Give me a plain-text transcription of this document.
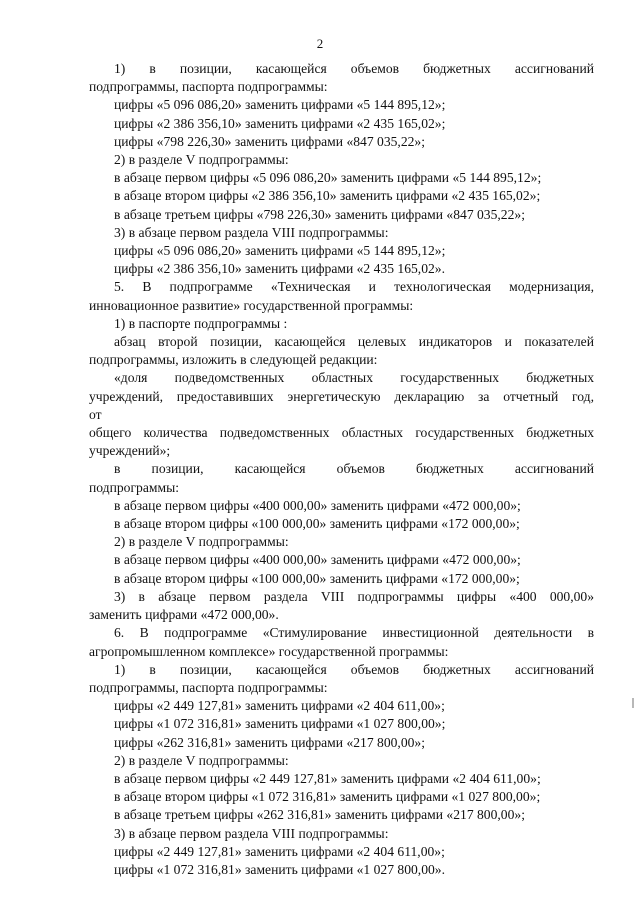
2

1) в позиции, касающейся объемов бюджетных ассигнований

подпрограммы, паспорта подпрограммы:

цифры «5 096 086,20» заменить цифрами «5 144 895,12»;

цифры «2 386 356,10» заменить цифрами «2 435 165,02»;

цифры «798 226,30» заменить цифрами «847 035,22»;

2) в разделе V подпрограммы:

в абзаце первом цифры «5 096 086,20» заменить цифрами «5 144 895,12»;

в абзаце втором цифры «2 386 356,10» заменить цифрами «2 435 165,02»;

в абзаце третьем цифры «798 226,30» заменить цифрами «847 035,22»;

3) в абзаце первом раздела VIII подпрограммы:

цифры «5 096 086,20» заменить цифрами «5 144 895,12»;

цифры «2 386 356,10» заменить цифрами «2 435 165,02».

5. В подпрограмме «Техническая и технологическая модернизация,

инновационное развитие» государственной программы:

1) в паспорте подпрограммы :

абзац второй позиции, касающейся целевых индикаторов и показателей

подпрограммы, изложить в следующей редакции:

«доля подведомственных областных государственных бюджетных

учреждений, предоставивших энергетическую декларацию за отчетный год, от

общего количества подведомственных областных государственных бюджетных

учреждений»;

в позиции, касающейся объемов бюджетных ассигнований

подпрограммы:

в абзаце первом цифры «400 000,00» заменить цифрами «472 000,00»;

в абзаце втором цифры «100 000,00» заменить цифрами «172 000,00»;

2) в разделе V подпрограммы:

в абзаце первом цифры «400 000,00» заменить цифрами «472 000,00»;

в абзаце втором цифры «100 000,00» заменить цифрами «172 000,00»;

3) в абзаце первом раздела VIII подпрограммы цифры «400 000,00»

заменить цифрами «472 000,00».

6. В подпрограмме «Стимулирование инвестиционной деятельности в

агропромышленном комплексе» государственной программы:

1) в позиции, касающейся объемов бюджетных ассигнований

подпрограммы, паспорта подпрограммы:

цифры «2 449 127,81» заменить цифрами «2 404 611,00»;

цифры «1 072 316,81» заменить цифрами «1 027 800,00»;

цифры «262 316,81» заменить цифрами «217 800,00»;

2) в разделе V подпрограммы:

в абзаце первом цифры «2 449 127,81» заменить цифрами «2 404 611,00»;

в абзаце втором цифры «1 072 316,81» заменить цифрами «1 027 800,00»;

в абзаце третьем цифры «262 316,81» заменить цифрами «217 800,00»;

3) в абзаце первом раздела VIII подпрограммы:

цифры «2 449 127,81» заменить цифрами «2 404 611,00»;

цифры «1 072 316,81» заменить цифрами «1 027 800,00».
